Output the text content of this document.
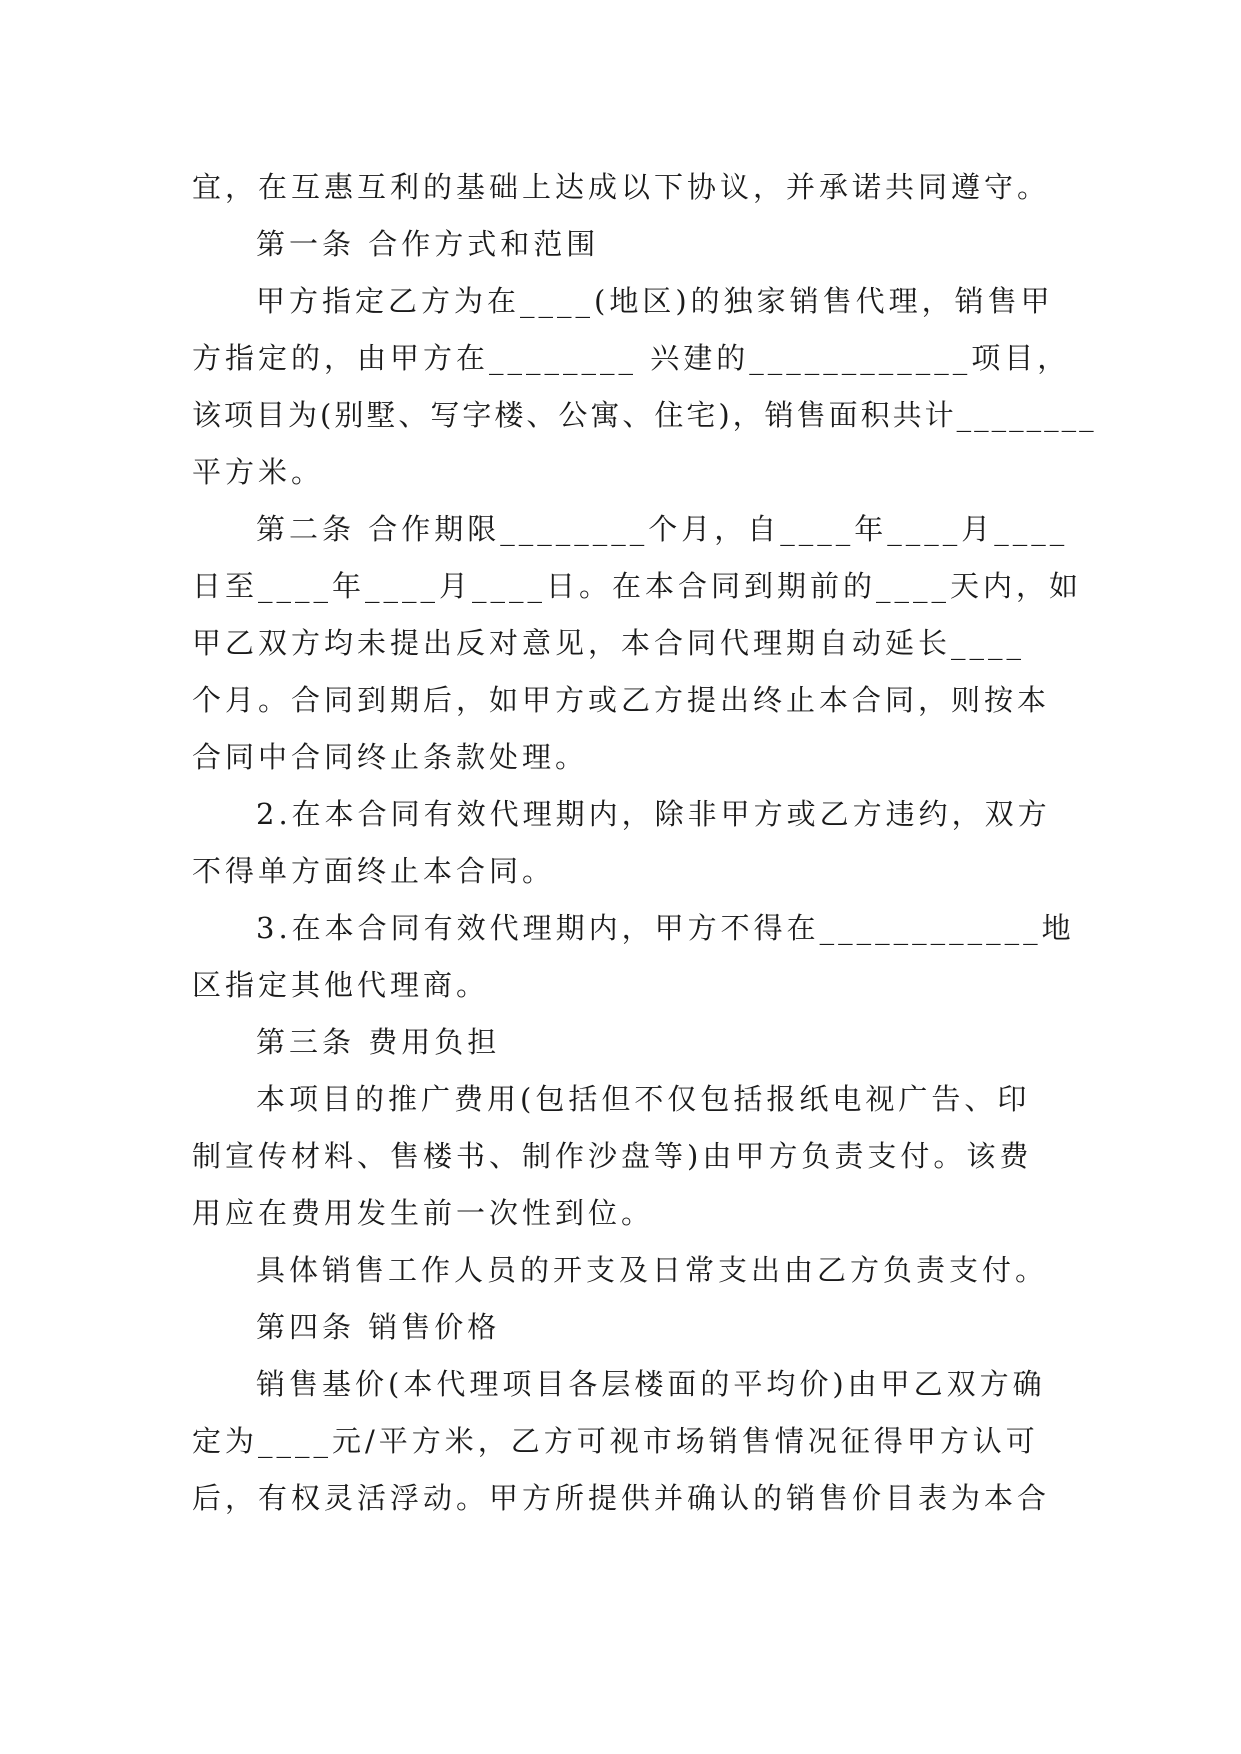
宜，在互惠互利的基础上达成以下协议，并承诺共同遵守。
第一条 合作方式和范围
甲方指定乙方为在____(地区)的独家销售代理，销售甲
方指定的，由甲方在________ 兴建的____________项目，
该项目为(别墅、写字楼、公寓、住宅)，销售面积共计________
平方米。
第二条 合作期限________个月，自____年____月____
日至____年____月____日。在本合同到期前的____天内，如
甲乙双方均未提出反对意见，本合同代理期自动延长____
个月。合同到期后，如甲方或乙方提出终止本合同，则按本
合同中合同终止条款处理。
2.在本合同有效代理期内，除非甲方或乙方违约，双方
不得单方面终止本合同。
3.在本合同有效代理期内，甲方不得在____________地
区指定其他代理商。
第三条 费用负担
本项目的推广费用(包括但不仅包括报纸电视广告、印
制宣传材料、售楼书、制作沙盘等)由甲方负责支付。该费
用应在费用发生前一次性到位。
具体销售工作人员的开支及日常支出由乙方负责支付。
第四条 销售价格
销售基价(本代理项目各层楼面的平均价)由甲乙双方确
定为____元/平方米，乙方可视市场销售情况征得甲方认可
后，有权灵活浮动。甲方所提供并确认的销售价目表为本合
